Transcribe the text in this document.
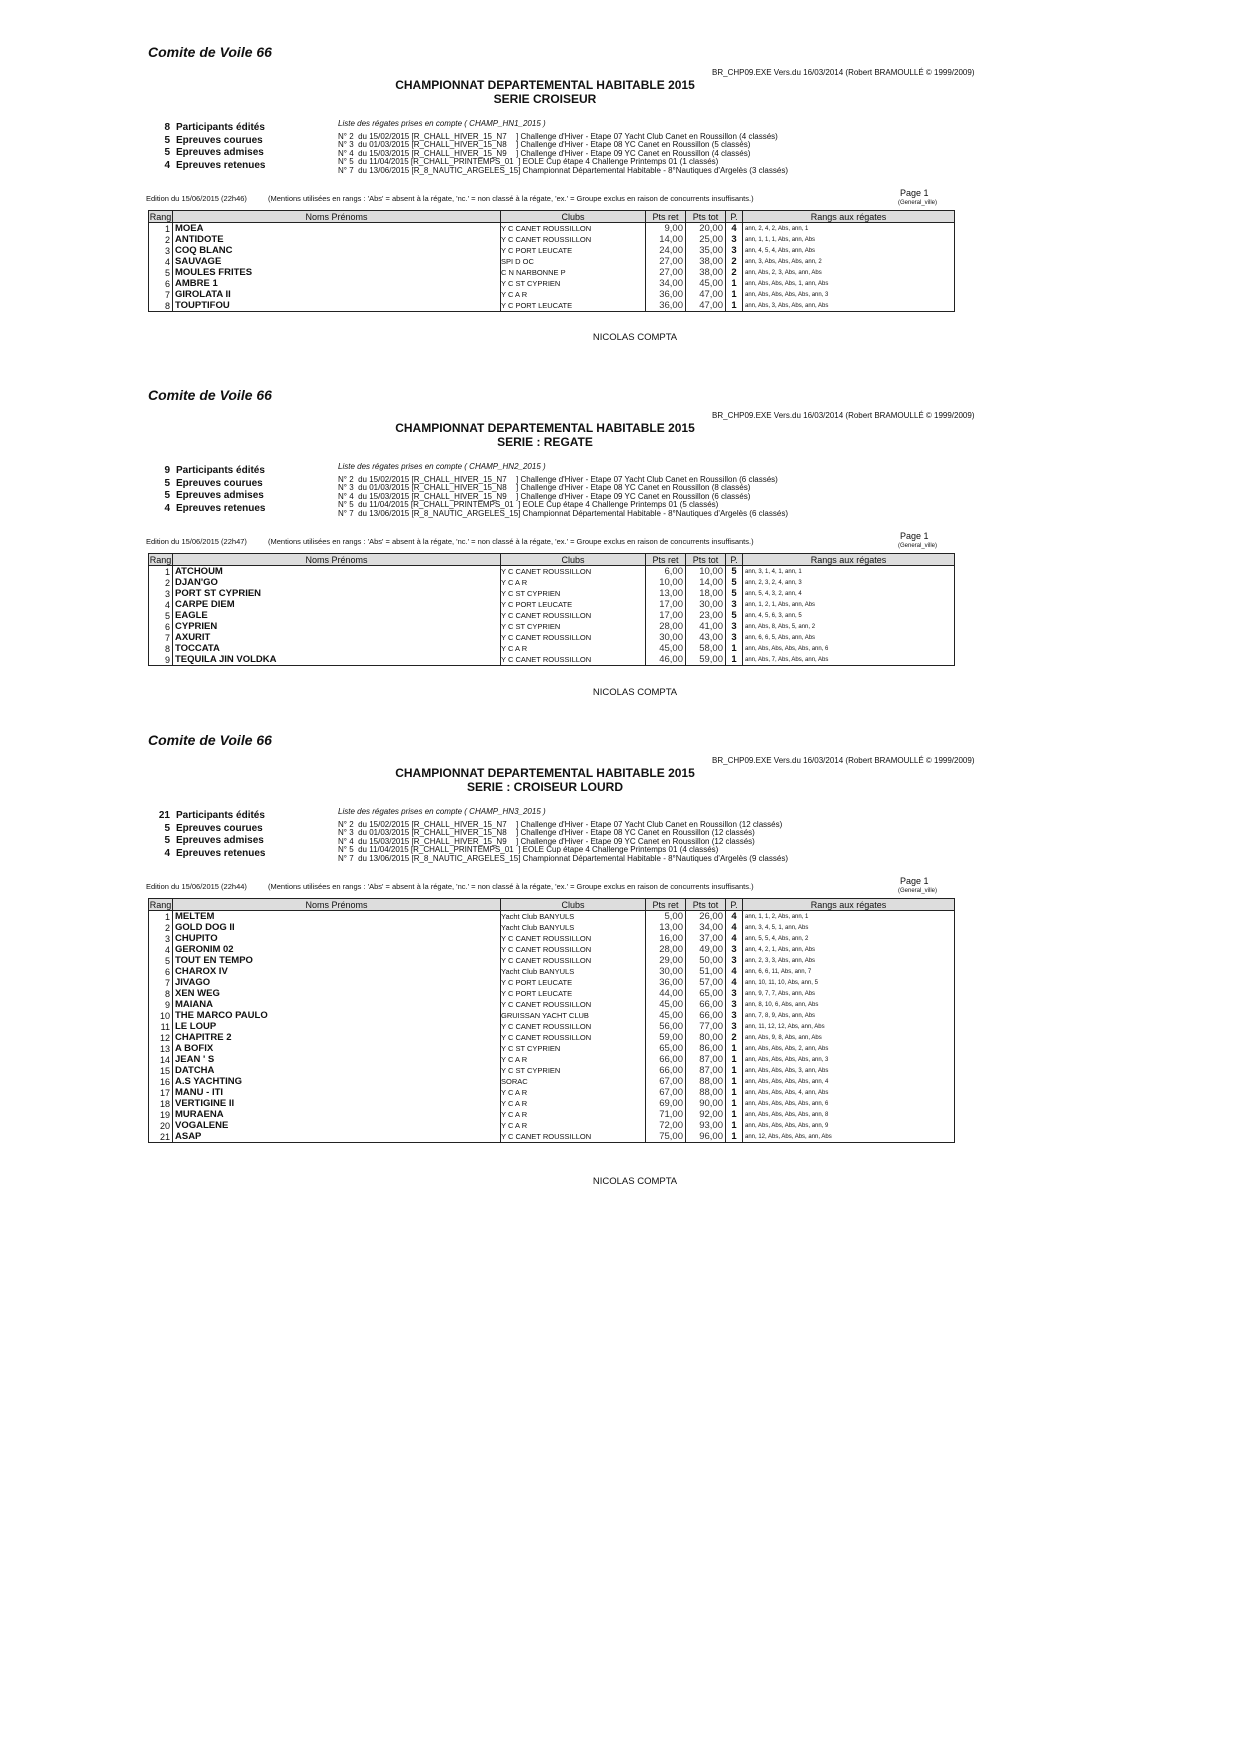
Comite de Voile 66
BR_CHP09.EXE Vers.du 16/03/2014 (Robert BRAMOULLÉ © 1999/2009)
CHAMPIONNAT DEPARTEMENTAL HABITABLE 2015
SERIE CROISEUR
8 Participants édités
5 Epreuves courues
5 Epreuves admises
4 Epreuves retenues
Liste des régates prises en compte ( CHAMP_HN1_2015 )
N° 2  du 15/02/2015 [R_CHALL_HIVER_15_N7 ] Challenge d'Hiver - Etape 07 Yacht Club Canet en Roussillon (4 classés)
N° 3  du 01/03/2015 [R_CHALL_HIVER_15_N8 ] Challenge d'Hiver - Etape 08 YC Canet en Roussillon (5 classés)
N° 4  du 15/03/2015 [R_CHALL_HIVER_15_N9 ] Challenge d'Hiver - Etape 09 YC Canet en Roussillon (4 classés)
N° 5  du 11/04/2015 [R_CHALL_PRINTEMPS_01 ] EOLE Cup étape 4 Challenge Printemps 01 (1 classés)
N° 7  du 13/06/2015 [R_8_NAUTIC_ARGELES_15 ] Championnat Départemental Habitable - 8°Nautiques d'Argelès (3 classés)
Edition du 15/06/2015 (22h46)	(Mentions utilisées en rangs : 'Abs' = absent à la régate, 'nc.' = non classé à la régate, 'ex.' = Groupe exclus en raison de concurrents insuffisants.)
Page 1
(General_ville)
Rang	Noms Prénoms	Clubs	Pts ret	Pts tot	P.	Rangs aux régates
1	MOEA	Y C CANET ROUSSILLON	9,00	20,00	4	ann, 2, 4, 2, Abs, ann, 1
2	ANTIDOTE	Y C CANET ROUSSILLON	14,00	25,00	3	ann, 1, 1, 1, Abs, ann, Abs
3	COQ BLANC	Y C PORT LEUCATE	24,00	35,00	3	ann, 4, 5, 4, Abs, ann, Abs
4	SAUVAGE	SPI D OC	27,00	38,00	2	ann, 3, Abs, Abs, Abs, ann, 2
5	MOULES FRITES	C N NARBONNE P	27,00	38,00	2	ann, Abs, 2, 3, Abs, ann, Abs
6	AMBRE 1	Y C ST CYPRIEN	34,00	45,00	1	ann, Abs, Abs, Abs, 1, ann, Abs
7	GIROLATA II	Y C A R	36,00	47,00	1	ann, Abs, Abs, Abs, Abs, ann, 3
8	TOUPTIFOU	Y C PORT LEUCATE	36,00	47,00	1	ann, Abs, 3, Abs, Abs, ann, Abs
NICOLAS COMPTA
Comite de Voile 66
BR_CHP09.EXE Vers.du 16/03/2014 (Robert BRAMOULLÉ © 1999/2009)
CHAMPIONNAT DEPARTEMENTAL HABITABLE 2015
SERIE : REGATE
9 Participants édités
5 Epreuves courues
5 Epreuves admises
4 Epreuves retenues
Liste des régates prises en compte ( CHAMP_HN2_2015 )
N° 2  du 15/02/2015 [R_CHALL_HIVER_15_N7 ] Challenge d'Hiver - Etape 07 Yacht Club Canet en Roussillon (6 classés)
N° 3  du 01/03/2015 [R_CHALL_HIVER_15_N8 ] Challenge d'Hiver - Etape 08 YC Canet en Roussillon (8 classés)
N° 4  du 15/03/2015 [R_CHALL_HIVER_15_N9 ] Challenge d'Hiver - Etape 09 YC Canet en Roussillon (6 classés)
N° 5  du 11/04/2015 [R_CHALL_PRINTEMPS_01 ] EOLE Cup étape 4 Challenge Printemps 01 (5 classés)
N° 7  du 13/06/2015 [R_8_NAUTIC_ARGELES_15 ] Championnat Départemental Habitable - 8°Nautiques d'Argelès (6 classés)
Edition du 15/06/2015 (22h47)	(Mentions utilisées en rangs : 'Abs' = absent à la régate, 'nc.' = non classé à la régate, 'ex.' = Groupe exclus en raison de concurrents insuffisants.)
Page 1
(General_ville)
Rang	Noms Prénoms	Clubs	Pts ret	Pts tot	P.	Rangs aux régates
1	ATCHOUM	Y C CANET ROUSSILLON	6,00	10,00	5	ann, 3, 1, 4, 1, ann, 1
2	DJAN'GO	Y C A R	10,00	14,00	5	ann, 2, 3, 2, 4, ann, 3
3	PORT ST CYPRIEN	Y C ST CYPRIEN	13,00	18,00	5	ann, 5, 4, 3, 2, ann, 4
4	CARPE DIEM	Y C PORT LEUCATE	17,00	30,00	3	ann, 1, 2, 1, Abs, ann, Abs
5	EAGLE	Y C CANET ROUSSILLON	17,00	23,00	5	ann, 4, 5, 6, 3, ann, 5
6	CYPRIEN	Y C ST CYPRIEN	28,00	41,00	3	ann, Abs, 8, Abs, 5, ann, 2
7	AXURIT	Y C CANET ROUSSILLON	30,00	43,00	3	ann, 6, 6, 5, Abs, ann, Abs
8	TOCCATA	Y C A R	45,00	58,00	1	ann, Abs, Abs, Abs, Abs, ann, 6
9	TEQUILA JIN VOLDKA	Y C CANET ROUSSILLON	46,00	59,00	1	ann, Abs, 7, Abs, Abs, ann, Abs
NICOLAS COMPTA
Comite de Voile 66
BR_CHP09.EXE Vers.du 16/03/2014 (Robert BRAMOULLÉ © 1999/2009)
CHAMPIONNAT DEPARTEMENTAL HABITABLE 2015
SERIE : CROISEUR LOURD
21 Participants édités
5 Epreuves courues
5 Epreuves admises
4 Epreuves retenues
Liste des régates prises en compte ( CHAMP_HN3_2015 )
N° 2  du 15/02/2015 [R_CHALL_HIVER_15_N7 ] Challenge d'Hiver - Etape 07 Yacht Club Canet en Roussillon (12 classés)
N° 3  du 01/03/2015 [R_CHALL_HIVER_15_N8 ] Challenge d'Hiver - Etape 08 YC Canet en Roussillon (12 classés)
N° 4  du 15/03/2015 [R_CHALL_HIVER_15_N9 ] Challenge d'Hiver - Etape 09 YC Canet en Roussillon (12 classés)
N° 5  du 11/04/2015 [R_CHALL_PRINTEMPS_01 ] EOLE Cup étape 4 Challenge Printemps 01 (4 classés)
N° 7  du 13/06/2015 [R_8_NAUTIC_ARGELES_15 ] Championnat Départemental Habitable - 8°Nautiques d'Argelès (9 classés)
Edition du 15/06/2015 (22h44)	(Mentions utilisées en rangs : 'Abs' = absent à la régate, 'nc.' = non classé à la régate, 'ex.' = Groupe exclus en raison de concurrents insuffisants.)
Page 1
(General_ville)
Rang	Noms Prénoms	Clubs	Pts ret	Pts tot	P.	Rangs aux régates
1	MELTEM	Yacht Club BANYULS	5,00	26,00	4	ann, 1, 1, 2, Abs, ann, 1
2	GOLD DOG II	Yacht Club BANYULS	13,00	34,00	4	ann, 3, 4, 5, 1, ann, Abs
3	CHUPITO	Y C CANET ROUSSILLON	16,00	37,00	4	ann, 5, 5, 4, Abs, ann, 2
4	GERONIM 02	Y C CANET ROUSSILLON	28,00	49,00	3	ann, 4, 2, 1, Abs, ann, Abs
5	TOUT EN TEMPO	Y C CANET ROUSSILLON	29,00	50,00	3	ann, 2, 3, 3, Abs, ann, Abs
6	CHAROX IV	Yacht Club BANYULS	30,00	51,00	4	ann, 6, 6, 11, Abs, ann, 7
7	JIVAGO	Y C PORT LEUCATE	36,00	57,00	4	ann, 10, 11, 10, Abs, ann, 5
8	XEN WEG	Y C PORT LEUCATE	44,00	65,00	3	ann, 9, 7, 7, Abs, ann, Abs
9	MAIANA	Y C CANET ROUSSILLON	45,00	66,00	3	ann, 8, 10, 6, Abs, ann, Abs
10	THE MARCO PAULO	GRUISSAN YACHT CLUB	45,00	66,00	3	ann, 7, 8, 9, Abs, ann, Abs
11	LE LOUP	Y C CANET ROUSSILLON	56,00	77,00	3	ann, 11, 12, 12, Abs, ann, Abs
12	CHAPITRE 2	Y C CANET ROUSSILLON	59,00	80,00	2	ann, Abs, 9, 8, Abs, ann, Abs
13	A BOFIX	Y C ST CYPRIEN	65,00	86,00	1	ann, Abs, Abs, Abs, 2, ann, Abs
14	JEAN ' S	Y C A R	66,00	87,00	1	ann, Abs, Abs, Abs, Abs, ann, 3
15	DATCHA	Y C ST CYPRIEN	66,00	87,00	1	ann, Abs, Abs, Abs, 3, ann, Abs
16	A.S YACHTING	SORAC	67,00	88,00	1	ann, Abs, Abs, Abs, Abs, ann, 4
17	MANU - ITI	Y C A R	67,00	88,00	1	ann, Abs, Abs, Abs, 4, ann, Abs
18	VERTIGINE II	Y C A R	69,00	90,00	1	ann, Abs, Abs, Abs, Abs, ann, 6
19	MURAENA	Y C A R	71,00	92,00	1	ann, Abs, Abs, Abs, Abs, ann, 8
20	VOGALENE	Y C A R	72,00	93,00	1	ann, Abs, Abs, Abs, Abs, ann, 9
21	ASAP	Y C CANET ROUSSILLON	75,00	96,00	1	ann, 12, Abs, Abs, Abs, ann, Abs
NICOLAS COMPTA
